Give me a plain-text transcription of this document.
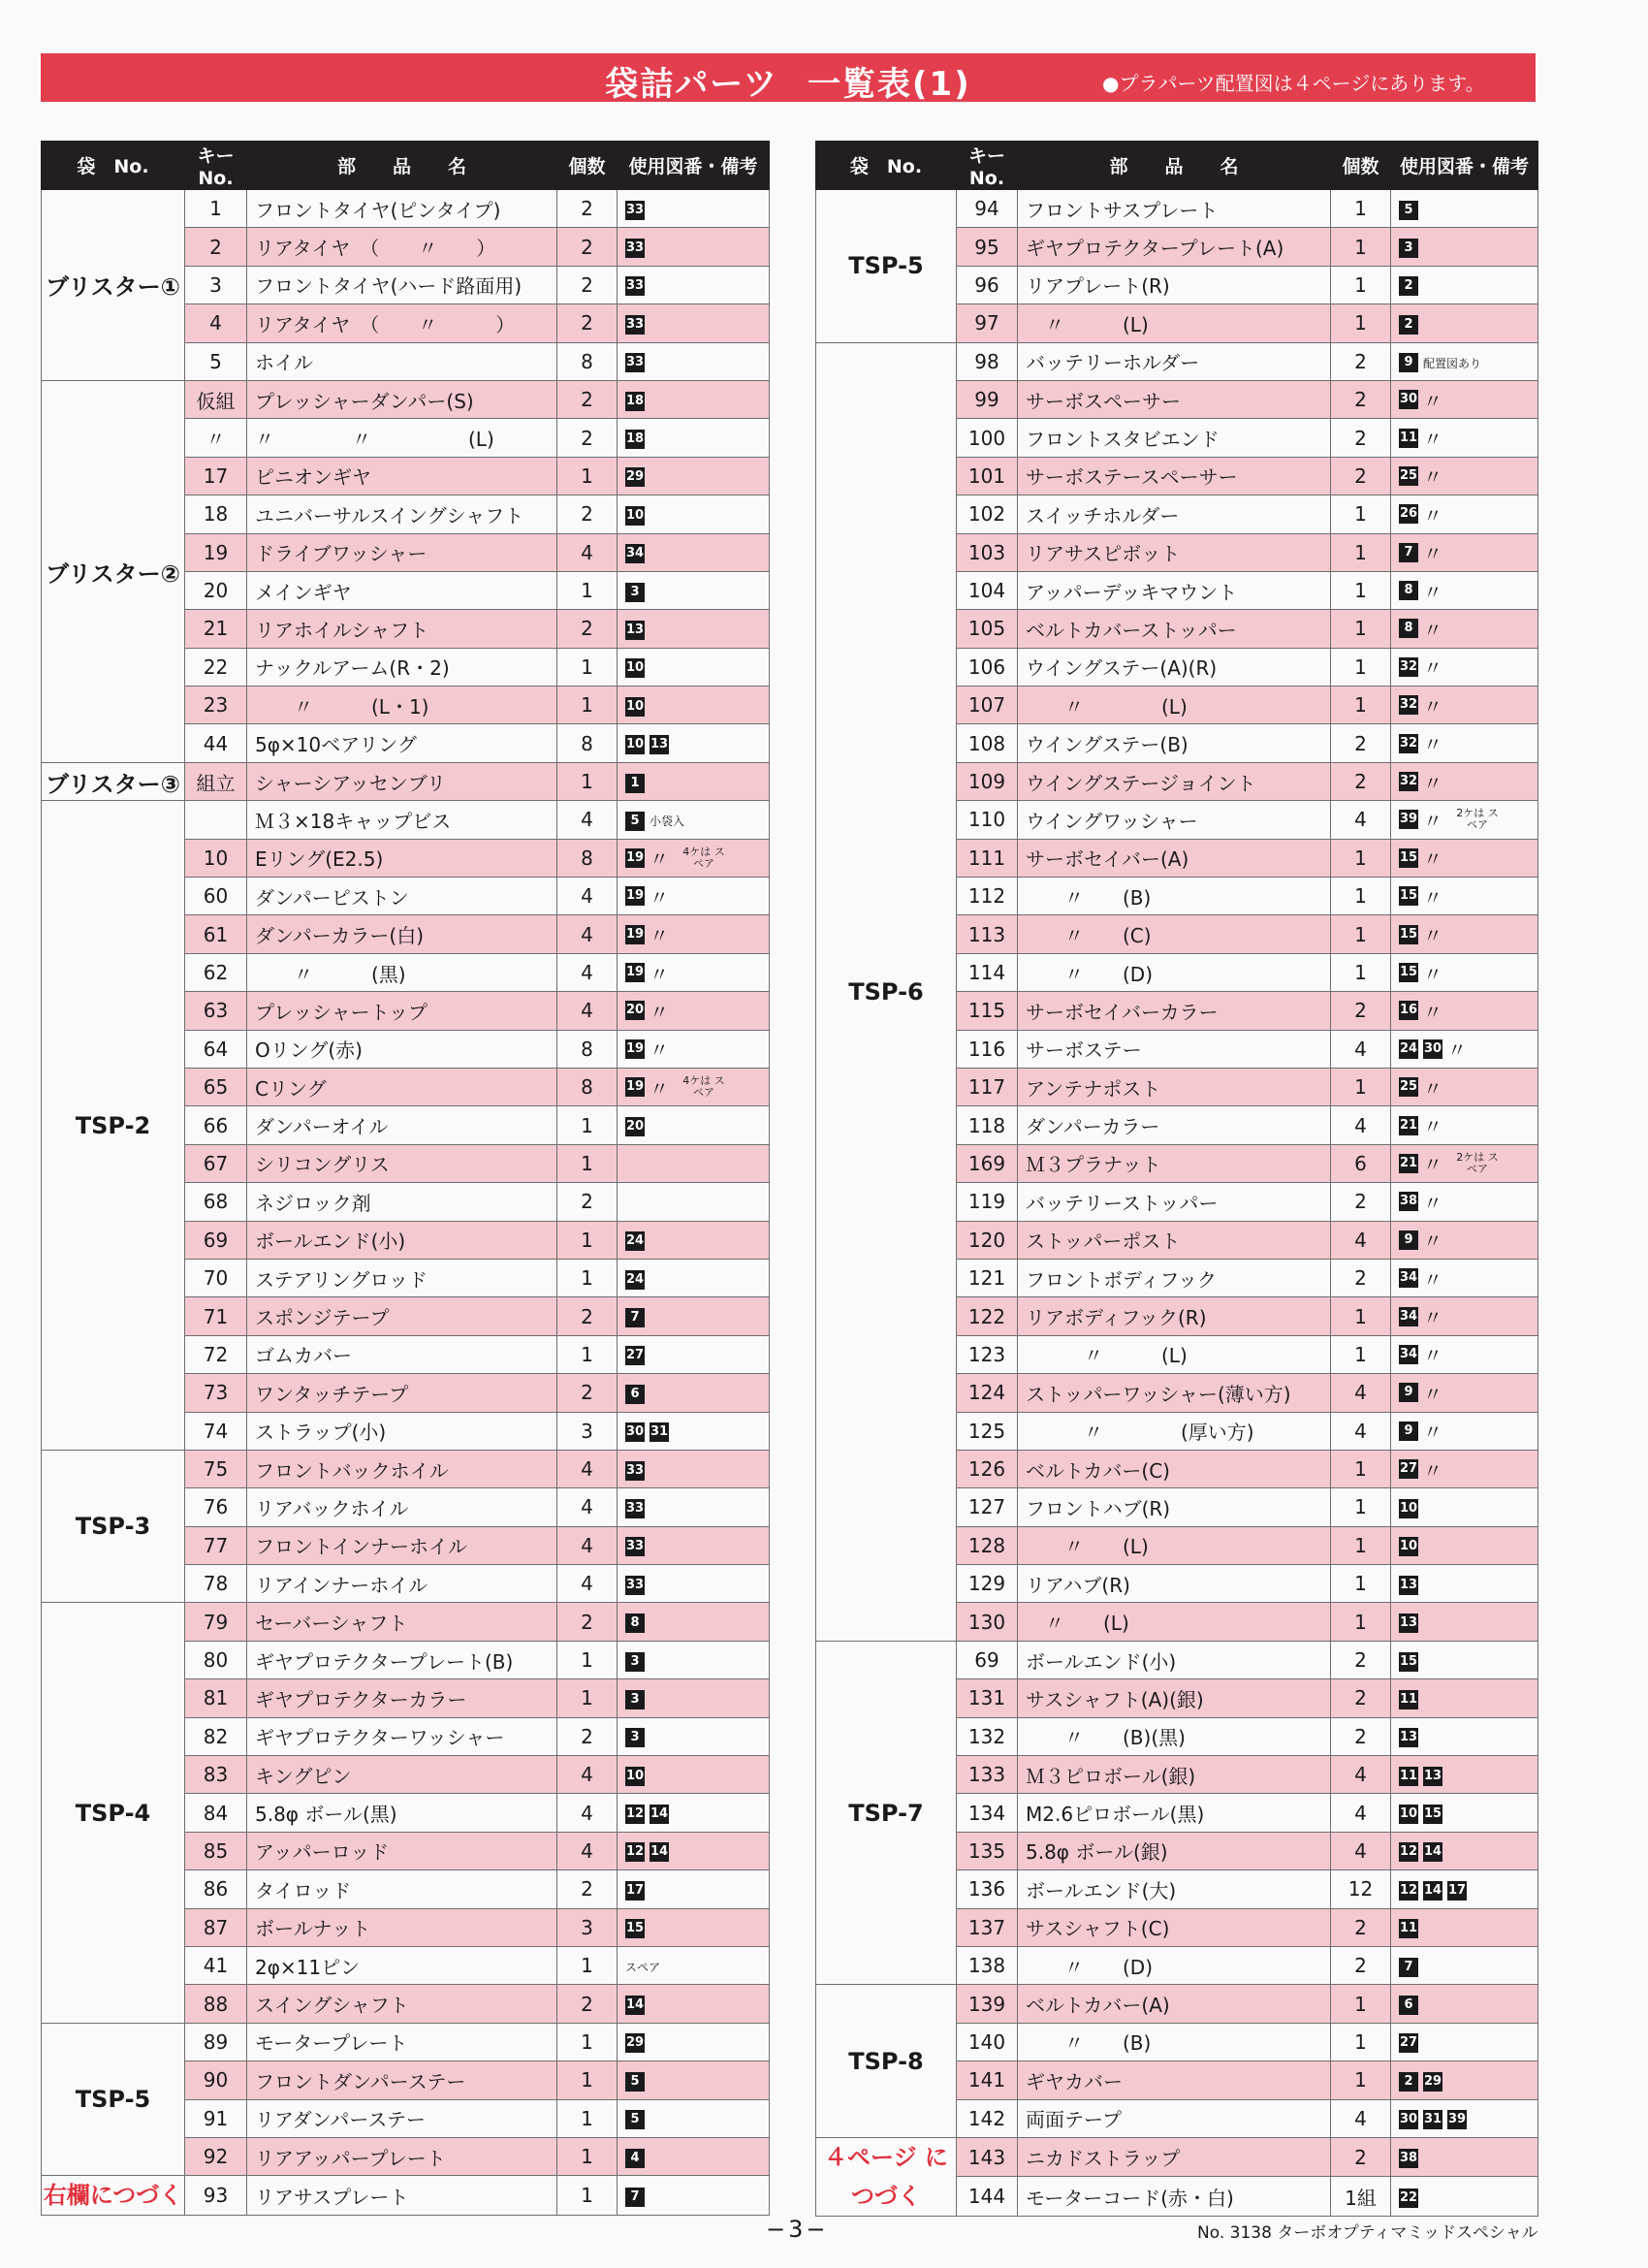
袋詰パーツ 一覧表(1)	●プラパーツ配置図は４ページにあります。
袋　No.	キーNo.	部　　品　　名	個数	使用図番・備考
ブリスター①	1	フロントタイヤ(ピンタイプ)	2	33
	2	リアタイヤ　（　　〃　　）	2	33
	3	フロントタイヤ(ハード路面用)	2	33
	4	リアタイヤ　（　　〃　　　）	2	33
	5	ホイル	8	33
ブリスター②	仮組	プレッシャーダンパー(S)	2	18
	〃	〃　　　　〃　　　　　(L)	2	18
	17	ピニオンギヤ	1	29
	18	ユニバーサルスイングシャフト	2	10
	19	ドライブワッシャー	4	34
	20	メインギヤ	1	3
	21	リアホイルシャフト	2	13
	22	ナックルアーム(R・2)	1	10
	23	　　〃　　　(L・1)	1	10
	44	5φ×10ベアリング	8	10 13
ブリスター③	組立	シャーシアッセンブリ	1	1
TSP-2		Ｍ３×18キャップビス	4	5 小袋入
	10	Eリング(E2.5)	8	19 〃 4ケは スペア
	60	ダンパーピストン	4	19 〃
	61	ダンパーカラー(白)	4	19 〃
	62	　　〃　　　(黒)	4	19 〃
	63	プレッシャートップ	4	20 〃
	64	Oリング(赤)	8	19 〃
	65	Cリング	8	19 〃 4ケは スペア
	66	ダンパーオイル	1	20
	67	シリコングリス	1	
	68	ネジロック剤	2	
	69	ボールエンド(小)	1	24
	70	ステアリングロッド	1	24
	71	スポンジテープ	2	7
	72	ゴムカバー	1	27
	73	ワンタッチテープ	2	6
	74	ストラップ(小)	3	30 31
TSP-3	75	フロントバックホイル	4	33
	76	リアバックホイル	4	33
	77	フロントインナーホイル	4	33
	78	リアインナーホイル	4	33
TSP-4	79	セーバーシャフト	2	8
	80	ギヤプロテクタープレート(B)	1	3
	81	ギヤプロテクターカラー	1	3
	82	ギヤプロテクターワッシャー	2	3
	83	キングピン	4	10
	84	5.8φ ボール(黒)	4	12 14
	85	アッパーロッド	4	12 14
	86	タイロッド	2	17
	87	ボールナット	3	15
	41	2φ×11ピン	1	スペア
	88	スイングシャフト	2	14
TSP-5	89	モータープレート	1	29
	90	フロントダンパーステー	1	5
	91	リアダンパーステー	1	5
	92	リアアッパープレート	1	4
右欄につづく	93	リアサスプレート	1	7
袋　No.	キーNo.	部　　品　　名	個数	使用図番・備考
TSP-5	94	フロントサスプレート	1	5
	95	ギヤプロテクタープレート(A)	1	3
	96	リアプレート(R)	1	2
	97	　〃　　　(L)	1	2
TSP-6	98	バッテリーホルダー	2	9 配置図あり
	99	サーボスペーサー	2	30 〃
	100	フロントスタビエンド	2	11 〃
	101	サーボステースペーサー	2	25 〃
	102	スイッチホルダー	1	26 〃
	103	リアサスピボット	1	7 〃
	104	アッパーデッキマウント	1	8 〃
	105	ベルトカバーストッパー	1	8 〃
	106	ウイングステー(A)(R)	1	32 〃
	107	　　〃　　　　(L)	1	32 〃
	108	ウイングステー(B)	2	32 〃
	109	ウイングステージョイント	2	32 〃
	110	ウイングワッシャー	4	39 〃 2ケは スペア
	111	サーボセイバー(A)	1	15 〃
	112	　　〃　　(B)	1	15 〃
	113	　　〃　　(C)	1	15 〃
	114	　　〃　　(D)	1	15 〃
	115	サーボセイバーカラー	2	16 〃
	116	サーボステー	4	24 30 〃
	117	アンテナポスト	1	25 〃
	118	ダンパーカラー	4	21 〃
	169	Ｍ３プラナット	6	21 〃 2ケは スペア
	119	バッテリーストッパー	2	38 〃
	120	ストッパーポスト	4	9 〃
	121	フロントボディフック	2	34 〃
	122	リアボディフック(R)	1	34 〃
	123	　　　〃　　　(L)	1	34 〃
	124	ストッパーワッシャー(薄い方)	4	9 〃
	125	　　　〃　　　　(厚い方)	4	9 〃
	126	ベルトカバー(C)	1	27 〃
	127	フロントハブ(R)	1	10
	128	　　〃　　(L)	1	10
	129	リアハブ(R)	1	13
	130	　〃　　(L)	1	13
TSP-7	69	ボールエンド(小)	2	15
	131	サスシャフト(A)(銀)	2	11
	132	　　〃　　(B)(黒)	2	13
	133	Ｍ３ピロボール(銀)	4	11 13
	134	M2.6ピロボール(黒)	4	10 15
	135	5.8φ ボール(銀)	4	12 14
	136	ボールエンド(大)	12	12 14 17
	137	サスシャフト(C)	2	11
	138	　　〃　　(D)	2	7
TSP-8	139	ベルトカバー(A)	1	6
	140	　　〃　　(B)	1	27
	141	ギヤカバー	1	2 29
	142	両面テープ	4	30 31 39
４ページ につづく	143	ニカドストラップ	2	38
	144	モーターコード(赤・白)	1組	22
−3−	No. 3138 ターボオプティマミッドスペシャル
